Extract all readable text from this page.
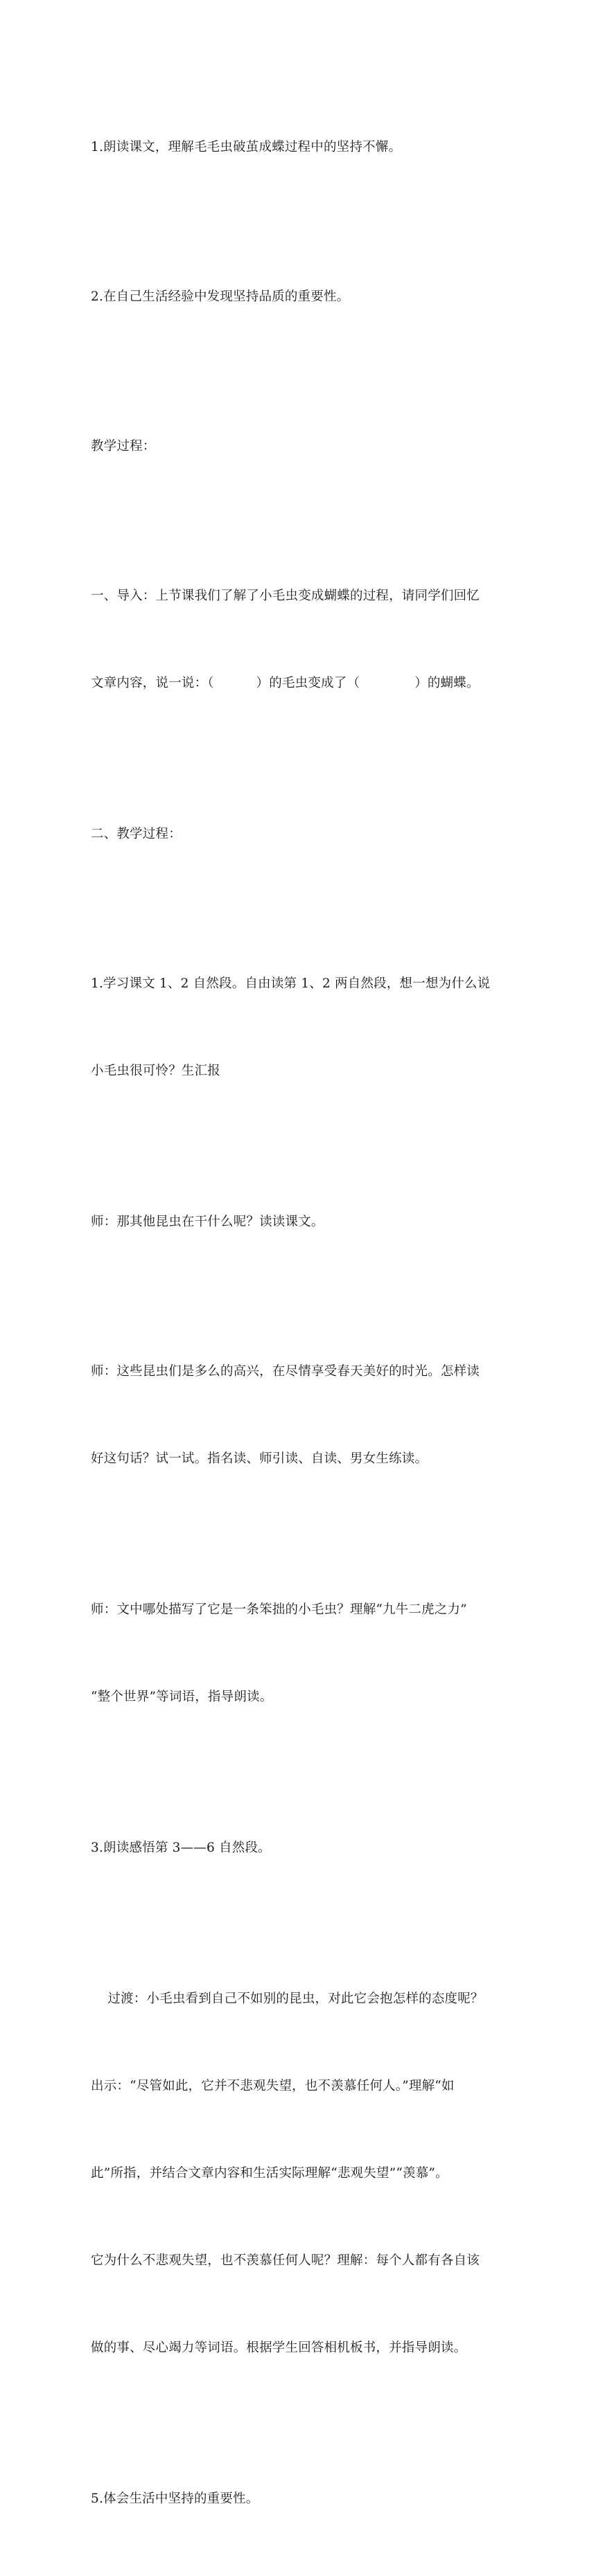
1.朗读课文，理解毛毛虫破茧成蝶过程中的坚持不懈。

2.在自己生活经验中发现坚持品质的重要性。

教学过程：

一、导入：上节课我们了解了小毛虫变成蝴蝶的过程，请同学们回忆

文章内容，说一说：（          ）的毛虫变成了（             ）的蝴蝶。

二、教学过程：

1.学习课文 1、2 自然段。自由读第 1、2 两自然段，想一想为什么说

小毛虫很可怜？生汇报

师：那其他昆虫在干什么呢？读读课文。

师：这些昆虫们是多么的高兴，在尽情享受春天美好的时光。怎样读

好这句话？试一试。指名读、师引读、自读、男女生练读。

师：文中哪处描写了它是一条笨拙的小毛虫？理解“九牛二虎之力”

“整个世界”等词语，指导朗读。

3.朗读感悟第 3——6 自然段。

过渡：小毛虫看到自己不如别的昆虫，对此它会抱怎样的态度呢？

出示：“尽管如此，它并不悲观失望，也不羡慕任何人。”理解“如

此”所指，并结合文章内容和生活实际理解“悲观失望”“羡慕”。

它为什么不悲观失望，也不羡慕任何人呢？理解：每个人都有各自该

做的事、尽心竭力等词语。根据学生回答相机板书，并指导朗读。

5.体会生活中坚持的重要性。
